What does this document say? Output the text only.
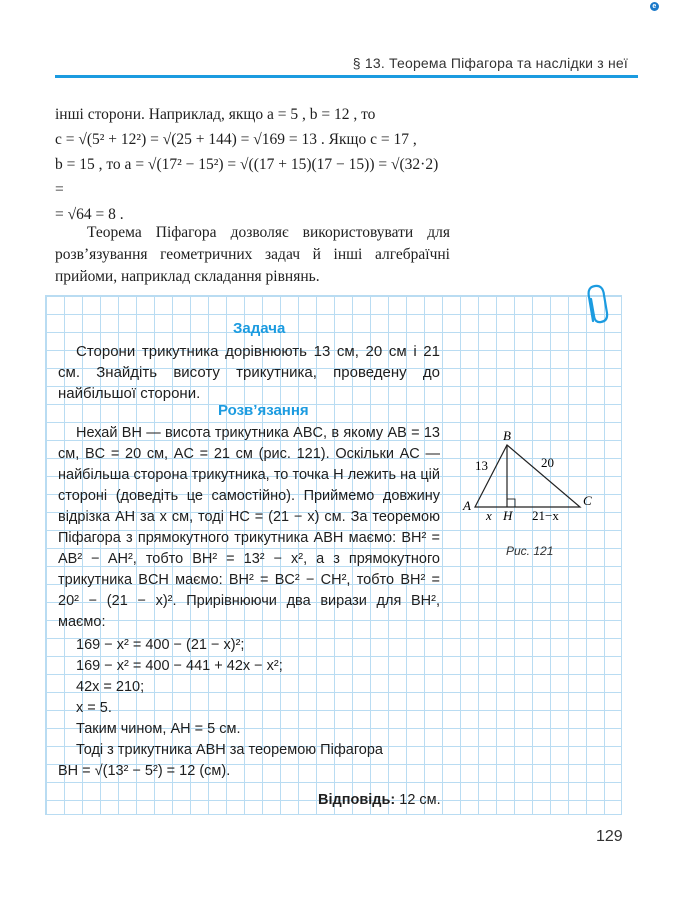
e
§ 13. Теорема Піфагора та наслідки з неї

інші сторони. Наприклад, якщо a = 5 , b = 12 , то

c = √(5² + 12²) = √(25 + 144) = √169 = 13 . Якщо c = 17 ,

b = 15 , то a = √(17² − 15²) = √((17 + 15)(17 − 15)) = √(32·2) =

= √64 = 8 .

Теорема Піфагора дозволяє використовувати для розв’язування геометричних задач й інші алгебраїчні прийоми, наприклад складання рівнянь.

Задача
Сторони трикутника дорівнюють 13 см, 20 см і 21 см. Знайдіть висоту трикутника, проведену до найбільшої сторони.
Розв’язання

Нехай BH — висота трикутника ABC, в якому AB = 13 см, BC = 20 см, AC = 21 см (рис. 121). Оскільки AC — найбільша сторона трикутника, то точка H лежить на цій стороні (доведіть це самостійно). Приймемо довжину відрізка AH за x см, тоді HC = (21 − x) см. За теоремою Піфагора з прямокутного трикутника ABH маємо: BH² = AB² − AH², тобто BH² = 13² − x², а з прямокутного трикутника BCH маємо: BH² = BC² − CH², тобто BH² = 20² − (21 − x)². Прирівнюючи два вирази для BH², маємо:

169 − x² = 400 − (21 − x)²;
169 − x² = 400 − 441 + 42x − x²;
42x = 210;
x = 5.
Таким чином, AH = 5 см.
Тоді з трикутника ABH за теоремою Піфагора
BH = √(13² − 5²) = 12 (см).
Відповідь: 12 см.
B
A	C
H
13	20
x	21−x
Рис. 121
129
